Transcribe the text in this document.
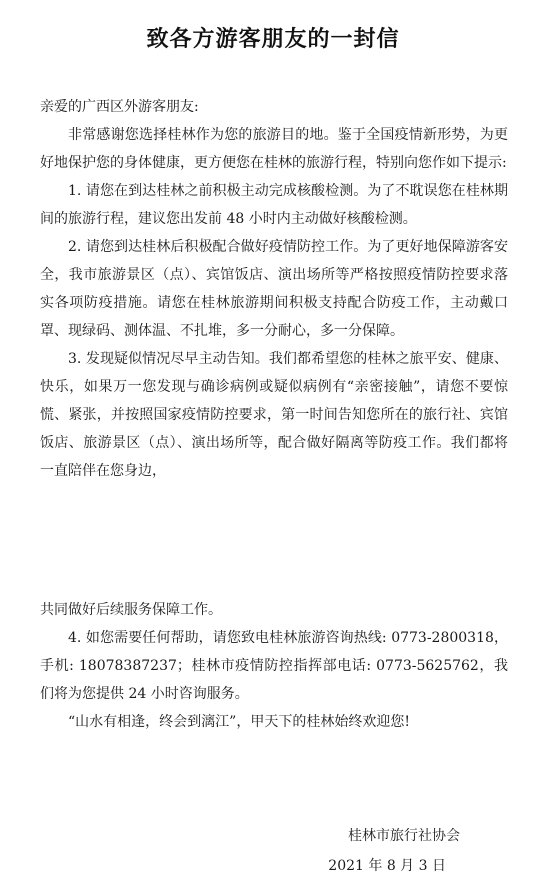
致各方游客朋友的一封信
亲爱的广西区外游客朋友:

非常感谢您选择桂林作为您的旅游目的地。鉴于全国疫情新形势，为更好地保护您的身体健康，更方便您在桂林的旅游行程，特别向您作如下提示:

1. 请您在到达桂林之前积极主动完成核酸检测。为了不耽误您在桂林期间的旅游行程，建议您出发前 48 小时内主动做好核酸检测。

2. 请您到达桂林后积极配合做好疫情防控工作。为了更好地保障游客安全，我市旅游景区（点）、宾馆饭店、演出场所等严格按照疫情防控要求落实各项防疫措施。请您在桂林旅游期间积极支持配合防疫工作，主动戴口罩、现绿码、测体温、不扎堆，多一分耐心，多一分保障。

3. 发现疑似情况尽早主动告知。我们都希望您的桂林之旅平安、健康、快乐，如果万一您发现与确诊病例或疑似病例有“亲密接触”，请您不要惊慌、紧张，并按照国家疫情防控要求，第一时间告知您所在的旅行社、宾馆饭店、旅游景区（点）、演出场所等，配合做好隔离等防疫工作。我们都将一直陪伴在您身边，

共同做好后续服务保障工作。

4. 如您需要任何帮助，请您致电桂林旅游咨询热线: 0773-2800318，手机: 18078387237；桂林市疫情防控指挥部电话: 0773-5625762，我们将为您提供 24 小时咨询服务。

“山水有相逢，终会到漓江”，甲天下的桂林始终欢迎您!

桂林市旅行社协会
2021 年 8 月 3 日
